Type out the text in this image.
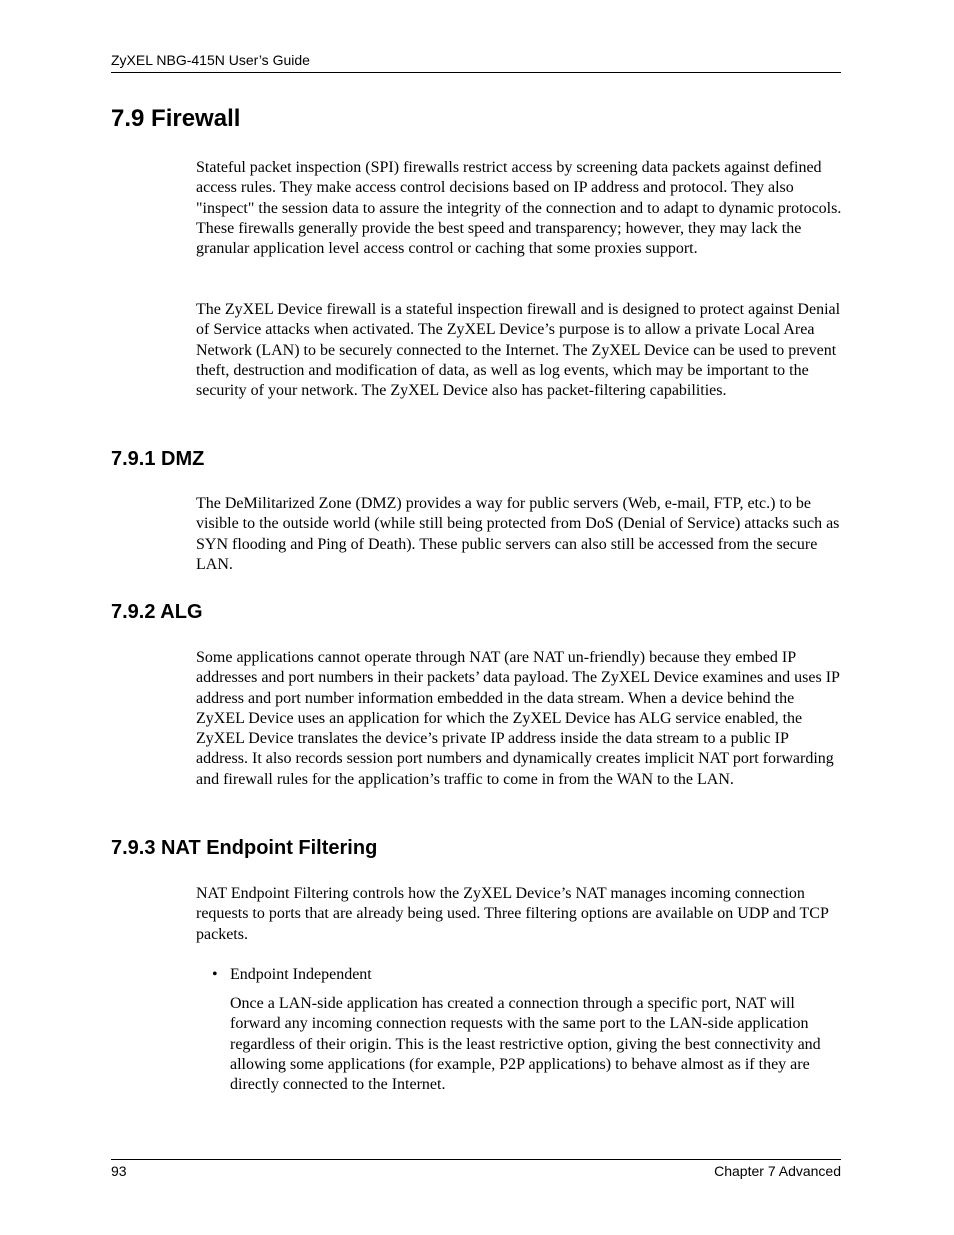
ZyXEL NBG-415N User’s Guide
7.9 Firewall

Stateful packet inspection (SPI) firewalls restrict access by screening data packets against defined access rules. They make access control decisions based on IP address and protocol. They also "inspect" the session data to assure the integrity of the connection and to adapt to dynamic protocols. These firewalls generally provide the best speed and transparency; however, they may lack the granular application level access control or caching that some proxies support.

The ZyXEL Device firewall is a stateful inspection firewall and is designed to protect against Denial of Service attacks when activated. The ZyXEL Device’s purpose is to allow a private Local Area Network (LAN) to be securely connected to the Internet. The ZyXEL Device can be used to prevent theft, destruction and modification of data, as well as log events, which may be important to the security of your network. The ZyXEL Device also has packet-filtering capabilities.

7.9.1 DMZ

The DeMilitarized Zone (DMZ) provides a way for public servers (Web, e-mail, FTP, etc.) to be visible to the outside world (while still being protected from DoS (Denial of Service) attacks such as SYN flooding and Ping of Death). These public servers can also still be accessed from the secure LAN.

7.9.2 ALG

Some applications cannot operate through NAT (are NAT un-friendly) because they embed IP addresses and port numbers in their packets’ data payload. The ZyXEL Device examines and uses IP address and port number information embedded in the data stream. When a device behind the ZyXEL Device uses an application for which the ZyXEL Device has ALG service enabled, the ZyXEL Device translates the device’s private IP address inside the data stream to a public IP address. It also records session port numbers and dynamically creates implicit NAT port forwarding and firewall rules for the application’s traffic to come in from the WAN to the LAN.

7.9.3 NAT Endpoint Filtering

NAT Endpoint Filtering controls how the ZyXEL Device’s NAT manages incoming connection requests to ports that are already being used. Three filtering options are available on UDP and TCP packets.

• Endpoint Independent

Once a LAN-side application has created a connection through a specific port, NAT will forward any incoming connection requests with the same port to the LAN-side application regardless of their origin. This is the least restrictive option, giving the best connectivity and allowing some applications (for example, P2P applications) to behave almost as if they are directly connected to the Internet.

93	Chapter 7 Advanced
